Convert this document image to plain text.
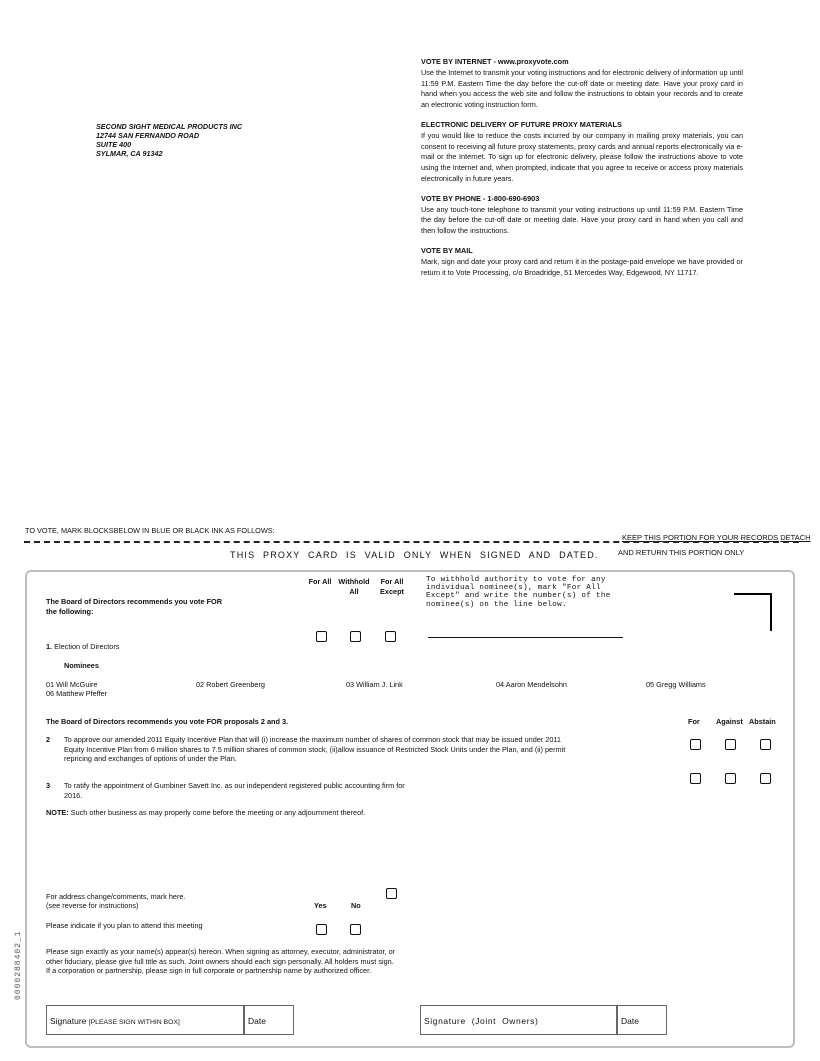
SECOND SIGHT MEDICAL PRODUCTS INC
12744 SAN FERNANDO ROAD
SUITE 400
SYLMAR, CA 91342
VOTE BY INTERNET - www.proxyvote.com

Use the Internet to transmit your voting instructions and for electronic delivery of information up until 11:59 P.M. Eastern Time the day before the cut-off date or meeting date. Have your proxy card in hand when you access the web site and follow the instructions to obtain your records and to create an electronic voting instruction form.

ELECTRONIC DELIVERY OF FUTURE PROXY MATERIALS

If you would like to reduce the costs incurred by our company in mailing proxy materials, you can consent to receiving all future proxy statements, proxy cards and annual reports electronically via e-mail or the Internet. To sign up for electronic delivery, please follow the instructions above to vote using the Internet and, when prompted, indicate that you agree to receive or access proxy materials electronically in future years.

VOTE BY PHONE - 1-800-690-6903

Use any touch-tone telephone to transmit your voting instructions up until 11:59 P.M. Eastern Time the day before the cut-off date or meeting date. Have your proxy card in hand when you call and then follow the instructions.

VOTE BY MAIL

Mark, sign and date your proxy card and return it in the postage-paid envelope we have provided or return it to Vote Processing, c/o Broadridge, 51 Mercedes Way, Edgewood, NY 11717.

TO VOTE, MARK BLOCKSBELOW IN BLUE OR BLACK INK AS FOLLOWS:
KEEP THIS PORTION FOR YOUR RECORDS DETACH
AND RETURN THIS PORTION ONLY
THIS PROXY CARD IS VALID ONLY WHEN SIGNED AND DATED.
The Board of Directors recommends you vote FOR the following:
For All Withhold All
For All Except
To withhold authority to vote for any individual nominee(s), mark "For All Except" and write the number(s) of the nominee(s) on the line below.
1. Election of Directors
Nominees
01 Will McGuire	02 Robert Greenberg	03 William J. Link	04 Aaron Mendelsohn	05 Gregg Williams
06 Matthew Pfeffer
The Board of Directors recommends you vote FOR proposals 2 and 3.	For Against Abstain
2 To approve our amended 2011 Equity Incentive Plan that will (i) increase the maximum number of shares of common stock that may be issued under 2011 Equity Incentive Plan from 6 million shares to 7.5 million shares of common stock, (ii)allow issuance of Restricted Stock Units under the Plan, and (ii) permit repricing and exchanges of options of under the Plan.
3 To ratify the appointment of Gumbiner Savett Inc. as our independent registered public accounting firm for 2016.
NOTE: Such other business as may properly come before the meeting or any adjournment thereof.
For address change/comments, mark here.
(see reverse for instructions)	Yes	No
Please indicate if you plan to attend this meeting
Please sign exactly as your name(s) appear(s) hereon. When signing as attorney, executor, administrator, or other fiduciary, please give full title as such. Joint owners should each sign personally. All holders must sign. If a corporation or partnership, please sign in full corporate or partnership name by authorized officer.
Signature [PLEASE SIGN WITHIN BOX]	Date	Signature (Joint Owners)	Date
0000288402_1
